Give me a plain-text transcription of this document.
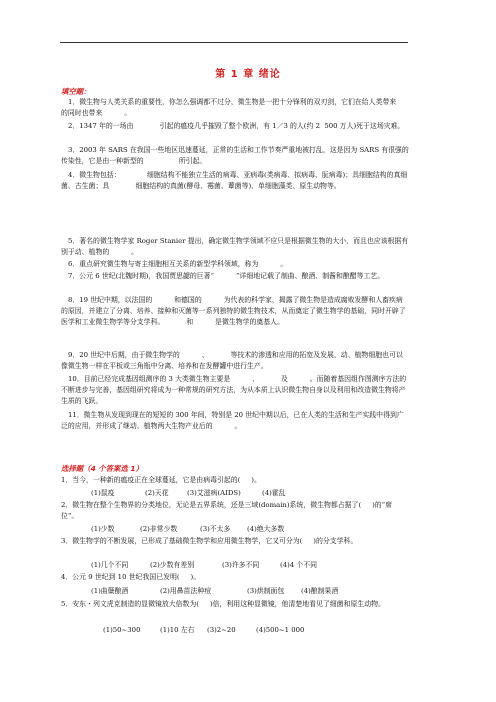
第 1 章 绪论
填空题：

1．微生物与人类关系的重要性，你怎么强调都不过分，微生物是一把十分锋利的双刃剑，它们在给人类带来          的同时也带来          。

2．1347 年的一场由            引起的瘟疫几乎摧毁了整个欧洲，有 1／3 的人(约 2  500 万人)死于这场灾难。

3．2003 年 SARS 在我国一些地区迅速蔓延，正常的生活和工作节奏严重地被打乱，这是因为 SARS 有很强的传染性，它是由一种新型的                所引起。

4．微生物包括：            细胞结构不能独立生活的病毒、亚病毒(类病毒、拟病毒、朊病毒)；具细胞结构的真细菌、古生菌；具            细胞结构的真菌(酵母、霉菌、蕈菌等)、单细胞藻类、原生动物等。

5．著名的微生物学家 Roger Stanier 提出，确定微生物学领域不应只是根据微生物的大小，而且也应该根据有别于动、植物的          。

6．重点研究微生物与寄主细胞相互关系的新型学科领域，称为          。

7．公元 6 世纪(北魏时期)，我国贾思勰的巨著“          ”详细地记载了制曲、酿酒、制酱和酿醋等工艺。

8．19 世纪中期，以法国的          和德国的          为代表的科学家，揭露了微生物是造成腐败发酵和人畜疾病的原因，并建立了分离、培养、接种和灭菌等一系列独特的微生物技术，从而奠定了微生物学的基础，同时开辟了医学和工业微生物学等分支学科。          和          是微生物学的奠基人。

9．20 世纪中后期，由于微生物学的          、          等技术的渗透和应用的拓宽及发展，动、植物细胞也可以像微生物一样在平板或三角瓶中分离、培养和在发酵罐中进行生产。

10．目前已经完成基因组测序的 3 大类微生物主要是          、          及          。而随着基因组作图测序方法的不断进步与完善，基因组研究将成为一种常规的研究方法，为从本质上认识微生物自身以及利用和改造微生物将产生质的飞跃。

11．微生物从发现到现在的短短的 300 年间，特别是 20 世纪中期以后，已在人类的生活和生产实践中得到广泛的应用，并形成了继动、植物两大生物产业后的          。

选择题（4 个答案选 1）

1．当今，一种新的瘟疫正在全球蔓延，它是由病毒引起的(     )。

(1)鼠疫	(2)天花	(3)艾滋病(AIDS)	(4)霍乱

2．微生物在整个生物界的分类地位，无论是五界系统，还是三域(domain)系统，微生物都占据了(     )的“席位”。

(1)少数	(2)非常少数	(3)不太多 (4)绝大多数

3．微生物学的不断发展，已形成了基础微生物学和应用微生物学，它又可分为(     )的分支学科。

(1)几个不同	(2)少数有差别	(3)许多不同	(4)4 个不同

4．公元 9 世纪到 10 世纪我国已发明(     )。

(1)曲蘖酿酒	(2)用鼻苗法种痘	(3)烘制面包 (4)酿制果酒

5．安东・列文虎克制造的显微镜放大倍数为(     )倍，利用这种显微镜，他清楚地看见了细菌和原生动物。

(1)50~300	(1)10 左右 (3)2~20	(4)500~1 000
